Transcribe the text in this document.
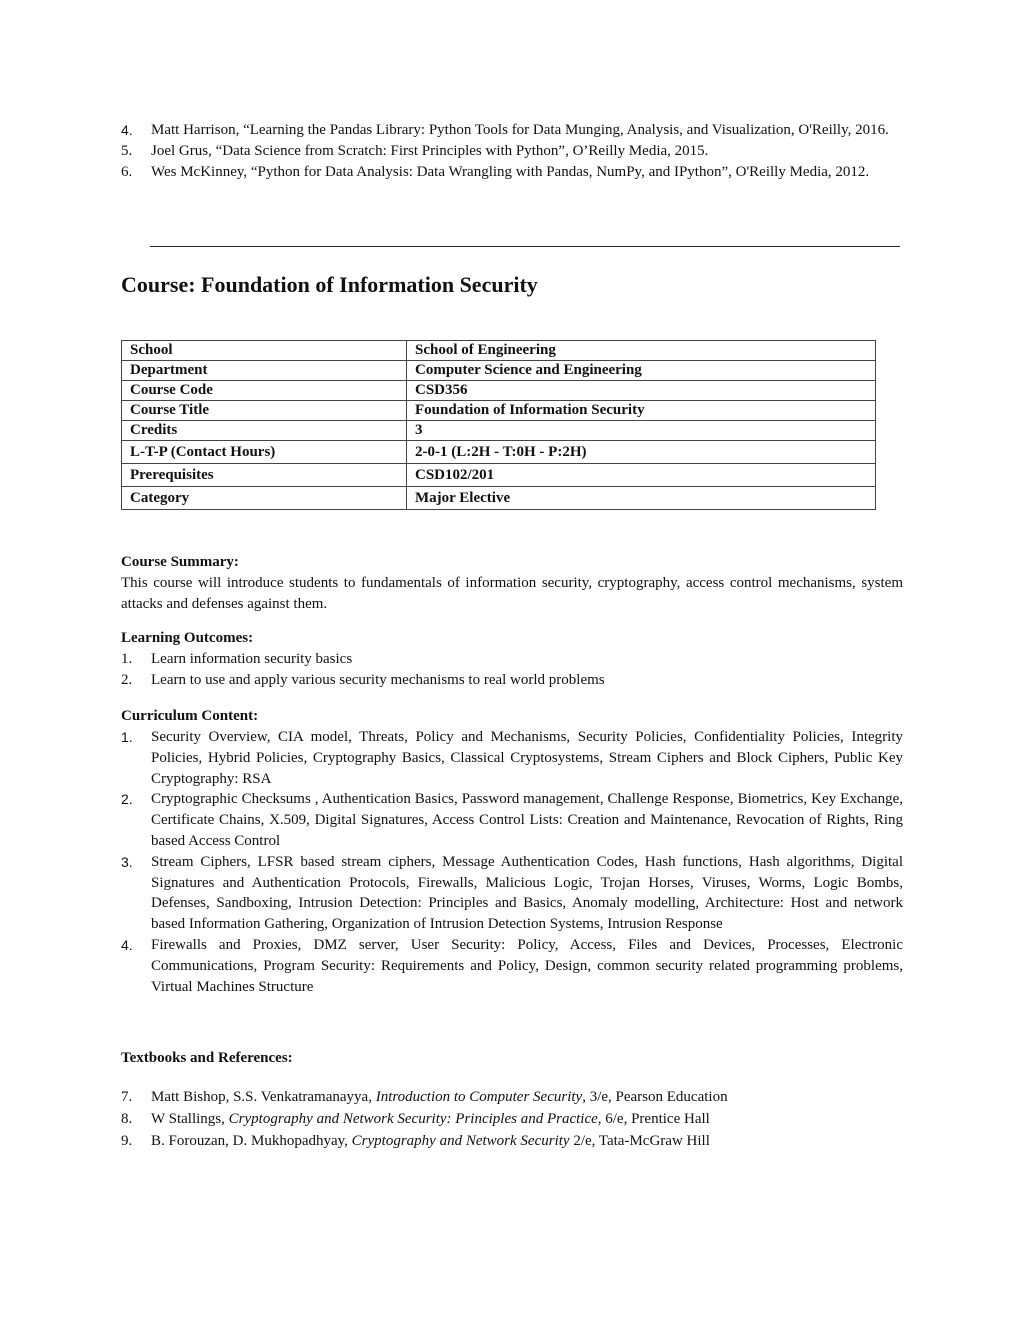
4. Matt Harrison, “Learning the Pandas Library: Python Tools for Data Munging, Analysis, and Visualization, O'Reilly, 2016.
5. Joel Grus, “Data Science from Scratch: First Principles with Python”, O’Reilly Media, 2015.
6. Wes McKinney, “Python for Data Analysis: Data Wrangling with Pandas, NumPy, and IPython”, O'Reilly Media, 2012.
Course: Foundation of Information Security
School	School of Engineering
Department	Computer Science and Engineering
Course Code	CSD356
Course Title	Foundation of Information Security
Credits	3
L-T-P (Contact Hours)	2-0-1 (L:2H - T:0H - P:2H)
Prerequisites	CSD102/201
Category	Major Elective

Course Summary:

This course will introduce students to fundamentals of information security, cryptography, access control mechanisms, system attacks and defenses against them.

Learning Outcomes:

1. Learn information security basics
2. Learn to use and apply various security mechanisms to real world problems

Curriculum Content:

1. Security Overview, CIA model, Threats, Policy and Mechanisms, Security Policies, Confidentiality Policies, Integrity Policies, Hybrid Policies, Cryptography Basics, Classical Cryptosystems, Stream Ciphers and Block Ciphers, Public Key Cryptography: RSA
2. Cryptographic Checksums , Authentication Basics, Password management, Challenge Response, Biometrics, Key Exchange, Certificate Chains, X.509, Digital Signatures, Access Control Lists: Creation and Maintenance, Revocation of Rights, Ring based Access Control
3. Stream Ciphers, LFSR based stream ciphers, Message Authentication Codes, Hash functions, Hash algorithms, Digital Signatures and Authentication Protocols, Firewalls, Malicious Logic, Trojan Horses, Viruses, Worms, Logic Bombs, Defenses, Sandboxing, Intrusion Detection: Principles and Basics, Anomaly modelling, Architecture: Host and network based Information Gathering, Organization of Intrusion Detection Systems, Intrusion Response
4. Firewalls and Proxies, DMZ server, User Security: Policy, Access, Files and Devices, Processes, Electronic Communications, Program Security: Requirements and Policy, Design, common security related programming problems, Virtual Machines Structure

Textbooks and References:

7. Matt Bishop, S.S. Venkatramanayya, Introduction to Computer Security, 3/e, Pearson Education
8. W Stallings, Cryptography and Network Security: Principles and Practice, 6/e, Prentice Hall
9. B. Forouzan, D. Mukhopadhyay, Cryptography and Network Security 2/e, Tata-McGraw Hill
